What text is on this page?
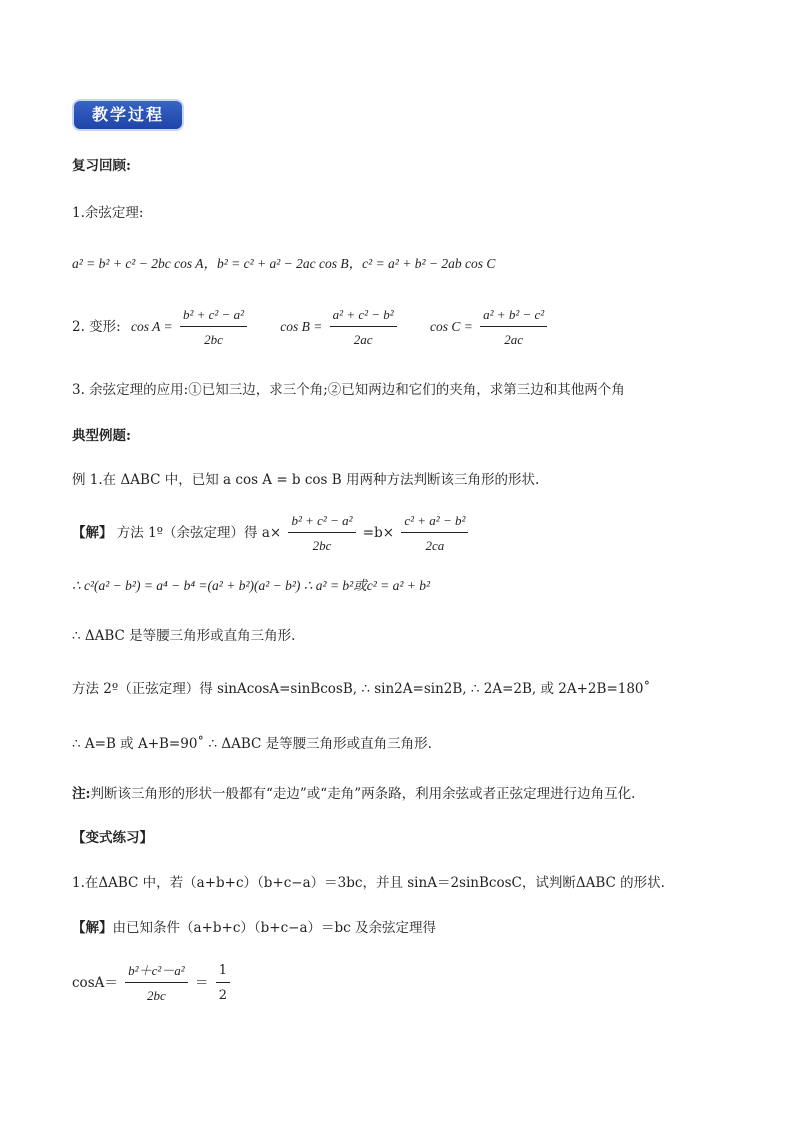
教学过程
复习回顾:
1.余弦定理:
a² = b² + c² − 2bc cos A，b² = c² + a² − 2ac cos B，c² = a² + b² − 2ab cos C
2. 变形: $\cos A = \frac{\text{b² + c² − a²}}{2bc}$ $\cos B = \frac{\text{a² + c² − b²}}{2ac}$ $\cos C = \frac{\text{a² + b² − c²}}{2ac}$
3. 余弦定理的应用:①已知三边，求三个角;②已知两边和它们的夹角，求第三边和其他两个角
典型例题:
例 1.在 ΔABC 中，已知 a cos A = b cos B 用两种方法判断该三角形的形状.
【解】 方法 1º（余弦定理）得 $a\times \frac{\text{b² + c² − a²}}{2bc} =b\times \frac{\text{c² + a² − b²}}{2ca}$
∴ c²(a² − b²) = a⁴ − b⁴ =(a² + b²)(a² − b²) ∴ a² = b²或c² = a² + b²
∴ ΔABC 是等腰三角形或直角三角形.
方法 2º（正弦定理）得 sinAcosA=sinBcosB, ∴ sin2A=sin2B, ∴ 2A=2B, 或 2A+2B=180˚
∴ A=B 或 A+B=90˚ ∴ ΔABC 是等腰三角形或直角三角形.
注:判断该三角形的形状一般都有“走边”或“走角”两条路，利用余弦或者正弦定理进行边角互化.
【变式练习】
1.在ΔABC 中，若（a+b+c）（b+c−a）＝3bc，并且 sinA＝2sinBcosC，试判断ΔABC 的形状.
【解】由已知条件（a+b+c）（b+c−a）＝bc 及余弦定理得
$\cos A= \frac{\text{b²＋c²－a²}}{2bc} = \frac{1}{2}$
